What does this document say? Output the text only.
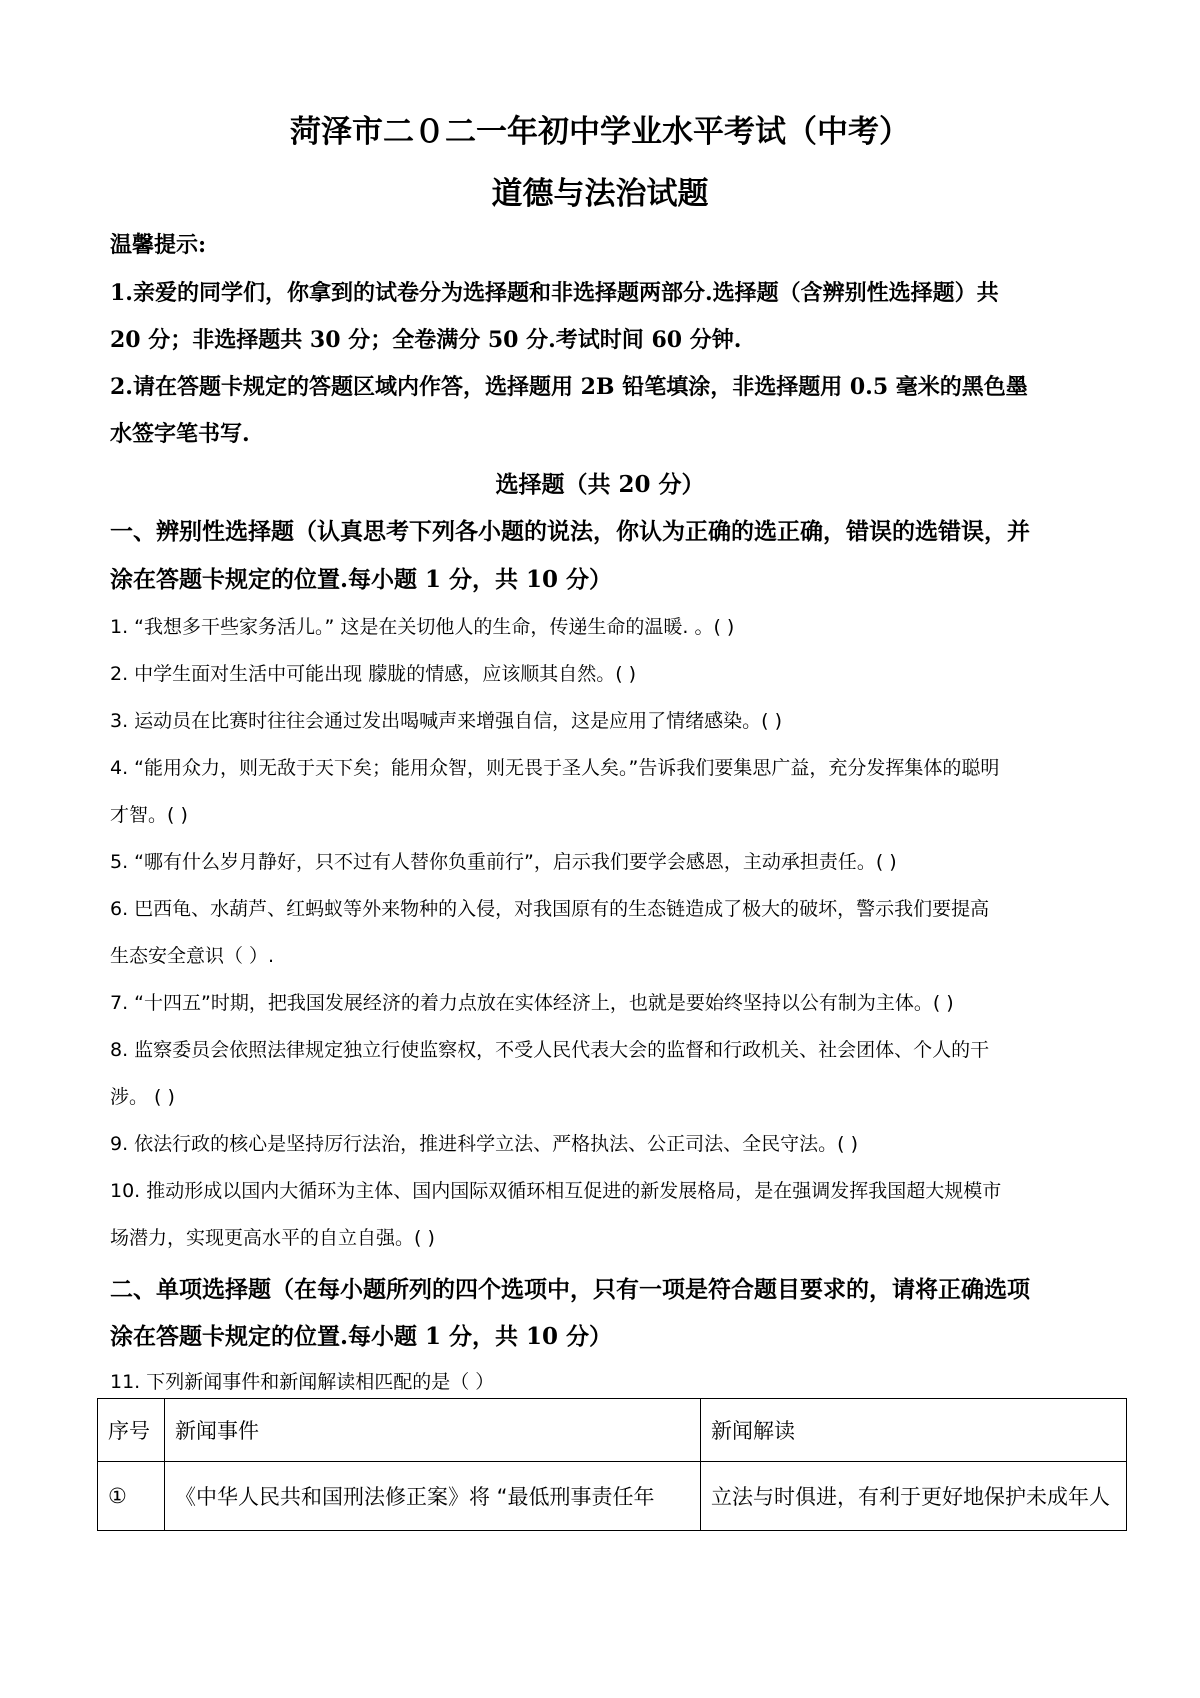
菏泽市二０二一年初中学业水平考试（中考）
道德与法治试题
温馨提示:
1.亲爱的同学们，你拿到的试卷分为选择题和非选择题两部分.选择题（含辨别性选择题）共
20 分；非选择题共 30 分；全卷满分 50 分.考试时间 60 分钟.
2.请在答题卡规定的答题区域内作答，选择题用 2B 铅笔填涂，非选择题用 0.5 毫米的黑色墨
水签字笔书写.
选择题（共 20 分）
一、辨别性选择题（认真思考下列各小题的说法，你认为正确的选正确，错误的选错误，并
涂在答题卡规定的位置.每小题 1 分，共 10 分）
1. “我想多干些家务活儿。” 这是在关切他人的生命，传递生命的温暖. 。( )
2. 中学生面对生活中可能出现 朦胧的情感，应该顺其自然。( )
3. 运动员在比赛时往往会通过发出喝喊声来增强自信，这是应用了情绪感染。( )
4. “能用众力，则无敌于天下矣；能用众智，则无畏于圣人矣。”告诉我们要集思广益，充分发挥集体的聪明
才智。( )
5. “哪有什么岁月静好，只不过有人替你负重前行”，启示我们要学会感恩，主动承担责任。( )
6. 巴西龟、水葫芦、红蚂蚁等外来物种的入侵，对我国原有的生态链造成了极大的破坏，警示我们要提高
生态安全意识（ ）.
7. “十四五”时期，把我国发展经济的着力点放在实体经济上，也就是要始终坚持以公有制为主体。( )
8. 监察委员会依照法律规定独立行使监察权，不受人民代表大会的监督和行政机关、社会团体、个人的干
涉。 ( )
9. 依法行政的核心是坚持厉行法治，推进科学立法、严格执法、公正司法、全民守法。( )
10. 推动形成以国内大循环为主体、国内国际双循环相互促进的新发展格局，是在强调发挥我国超大规模市
场潜力，实现更高水平的自立自强。( )
二、单项选择题（在每小题所列的四个选项中，只有一项是符合题目要求的，请将正确选项
涂在答题卡规定的位置.每小题 1 分，共 10 分）
11. 下列新闻事件和新闻解读相匹配的是（ ）
序号	新闻事件	新闻解读
①	《中华人民共和国刑法修正案》将 “最低刑事责任年	立法与时俱进，有利于更好地保护未成年人
